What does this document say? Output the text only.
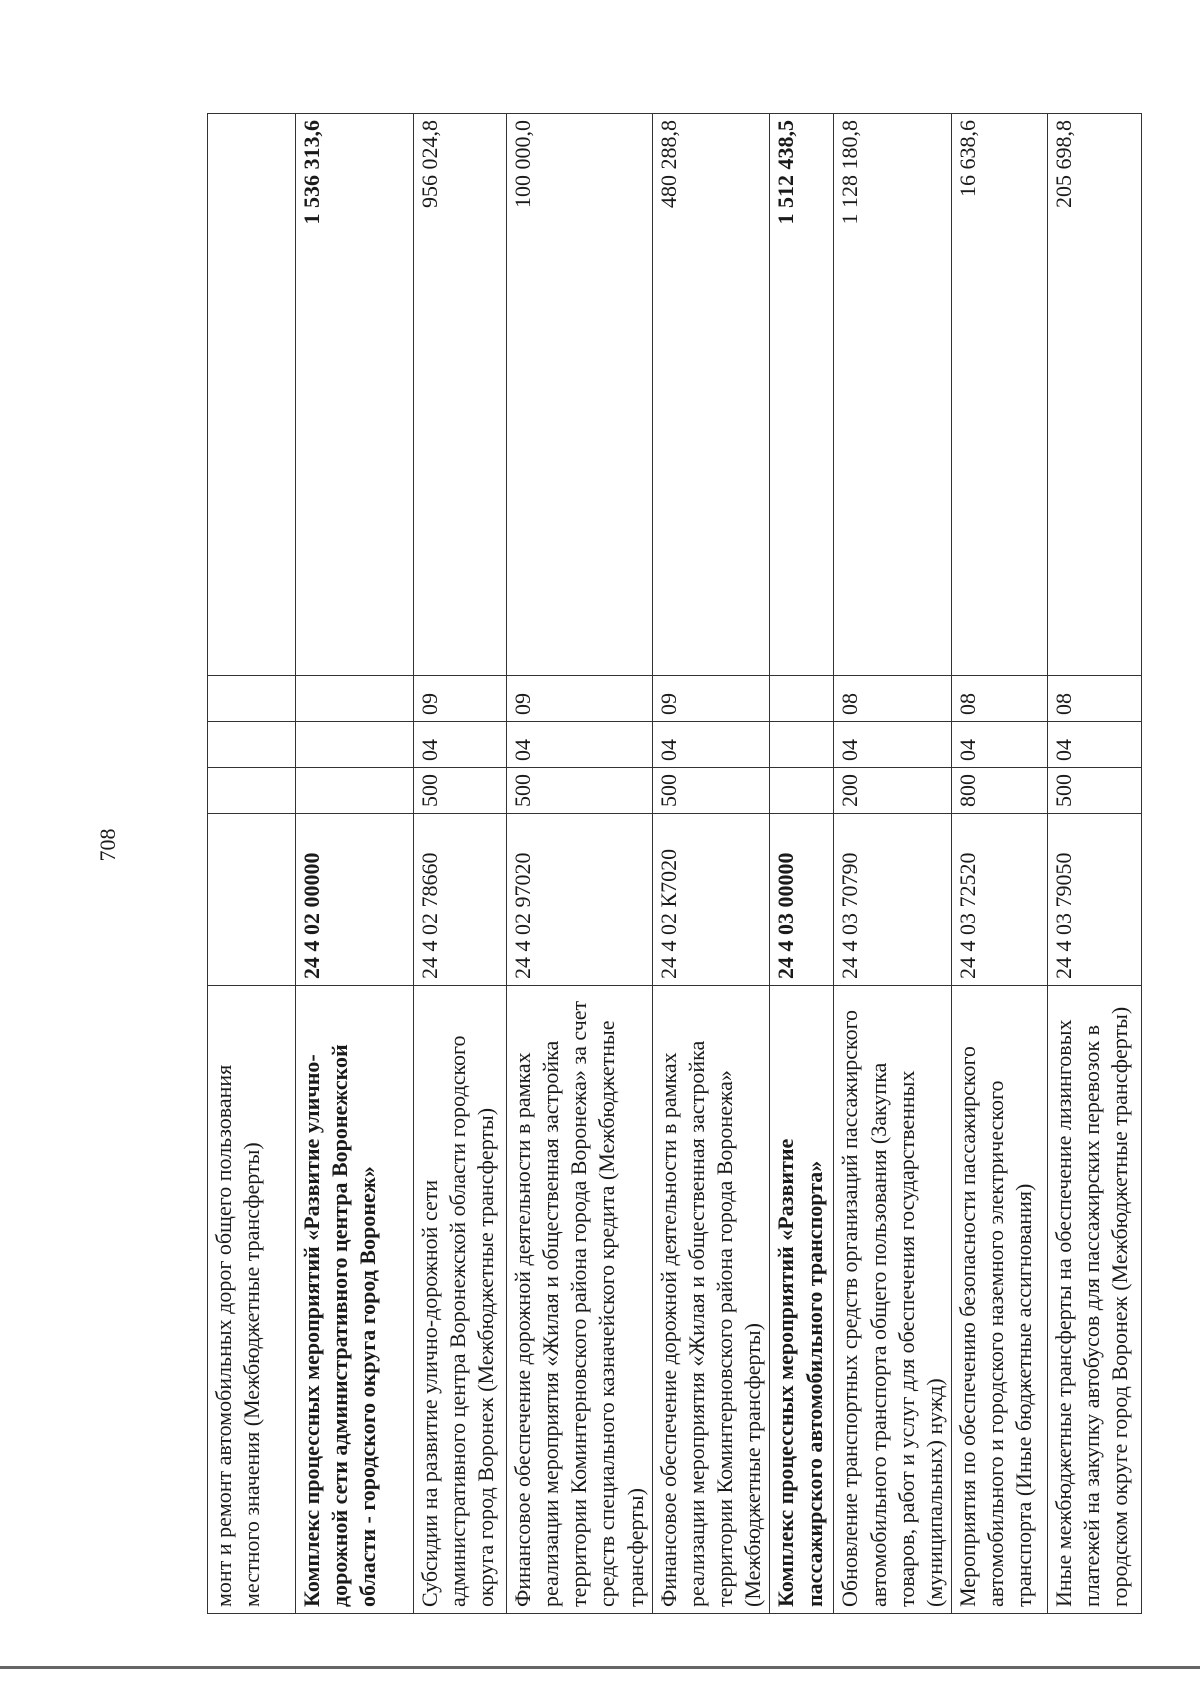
708
монт и ремонт автомобильных дорог общего пользования местного значения (Межбюджетные трансферты)					
Комплекс процессных мероприятий «Развитие улично-дорожной сети административного центра Воронежской области - городского округа город Воронеж»	24 4 02 00000				1 536 313,6
Субсидии на развитие улично-дорожной сети административного центра Воронежской области городского округа город Воронеж (Межбюджетные трансферты)	24 4 02 78660	500	04	09	956 024,8
Финансовое обеспечение дорожной деятельности в рамках реализации мероприятия «Жилая и общественная застройка территории Коминтерновского района города Воронежа» за счет средств специального казначейского кредита (Межбюджетные трансферты)	24 4 02 97020	500	04	09	100 000,0
Финансовое обеспечение дорожной деятельности в рамках реализации мероприятия «Жилая и общественная застройка территории Коминтерновского района города Воронежа» (Межбюджетные трансферты)	24 4 02 К7020	500	04	09	480 288,8
Комплекс процессных мероприятий «Развитие пассажирского автомобильного транспорта»	24 4 03 00000				1 512 438,5
Обновление транспортных средств организаций пассажирского автомобильного транспорта общего пользования (Закупка товаров, работ и услуг для обеспечения государственных (муниципальных) нужд)	24 4 03 70790	200	04	08	1 128 180,8
Мероприятия по обеспечению безопасности пассажирского автомобильного и городского наземного электрического транспорта (Иные бюджетные ассигнования)	24 4 03 72520	800	04	08	16 638,6
Иные межбюджетные трансферты на обеспечение лизинговых платежей на закупку автобусов для пассажирских перевозок в городском округе город Воронеж (Межбюджетные трансферты)	24 4 03 79050	500	04	08	205 698,8
